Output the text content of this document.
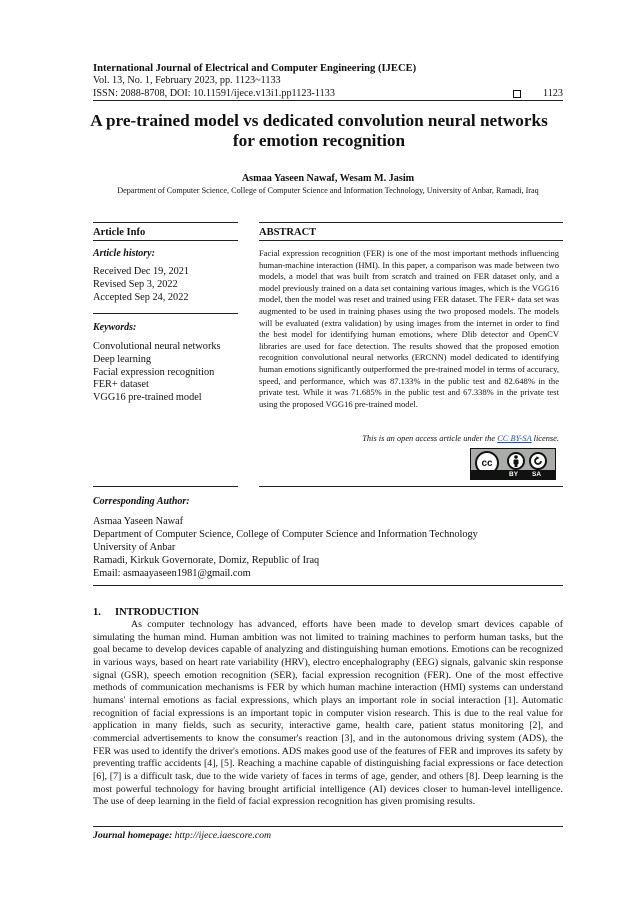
International Journal of Electrical and Computer Engineering (IJECE)
Vol. 13, No. 1, February 2023, pp. 1123~1133
ISSN: 2088-8708, DOI: 10.11591/ijece.v13i1.pp1123-1133	1123
A pre-trained model vs dedicated convolution neural networks
for emotion recognition
Asmaa Yaseen Nawaf, Wesam M. Jasim
Department of Computer Science, College of Computer Science and Information Technology, University of Anbar, Ramadi, Iraq
Article Info	ABSTRACT
Article history:
Received Dec 19, 2021
Revised Sep 3, 2022
Accepted Sep 24, 2022
Keywords:
Convolutional neural networks
Deep learning
Facial expression recognition
FER+ dataset
VGG16 pre-trained model
Facial expression recognition (FER) is one of the most important methods influencing human-machine interaction (HMI). In this paper, a comparison was made between two models, a model that was built from scratch and trained on FER dataset only, and a model previously trained on a data set containing various images, which is the VGG16 model, then the model was reset and trained using FER dataset. The FER+ data set was augmented to be used in training phases using the two proposed models. The models will be evaluated (extra validation) by using images from the internet in order to find the best model for identifying human emotions, where Dlib detector and OpenCV libraries are used for face detection. The results showed that the proposed emotion recognition convolutional neural networks (ERCNN) model dedicated to identifying human emotions significantly outperformed the pre-trained model in terms of accuracy, speed, and performance, which was 87.133% in the public test and 82.648% in the private test. While it was 71.685% in the public test and 67.338% in the private test using the proposed VGG16 pre-trained model.
This is an open access article under the CC BY-SA license.
cc
BY SA
Corresponding Author:
Asmaa Yaseen Nawaf
Department of Computer Science, College of Computer Science and Information Technology
University of Anbar
Ramadi, Kirkuk Governorate, Domiz, Republic of Iraq
Email: asmaayaseen1981@gmail.com
1. INTRODUCTION
As computer technology has advanced, efforts have been made to develop smart devices capable of simulating the human mind. Human ambition was not limited to training machines to perform human tasks, but the goal became to develop devices capable of analyzing and distinguishing human emotions. Emotions can be recognized in various ways, based on heart rate variability (HRV), electro encephalography (EEG) signals, galvanic skin response signal (GSR), speech emotion recognition (SER), facial expression recognition (FER). One of the most effective methods of communication mechanisms is FER by which human machine interaction (HMI) systems can understand humans' internal emotions as facial expressions, which plays an important role in social interaction [1]. Automatic recognition of facial expressions is an important topic in computer vision research. This is due to the real value for application in many fields, such as security, interactive game, health care, patient status monitoring [2], and commercial advertisements to know the consumer's reaction [3], and in the autonomous driving system (ADS), the FER was used to identify the driver's emotions. ADS makes good use of the features of FER and improves its safety by preventing traffic accidents [4], [5]. Reaching a machine capable of distinguishing facial expressions or face detection [6], [7] is a difficult task, due to the wide variety of faces in terms of age, gender, and others [8]. Deep learning is the most powerful technology for having brought artificial intelligence (AI) devices closer to human-level intelligence. The use of deep learning in the field of facial expression recognition has given promising results.
Journal homepage: http://ijece.iaescore.com
